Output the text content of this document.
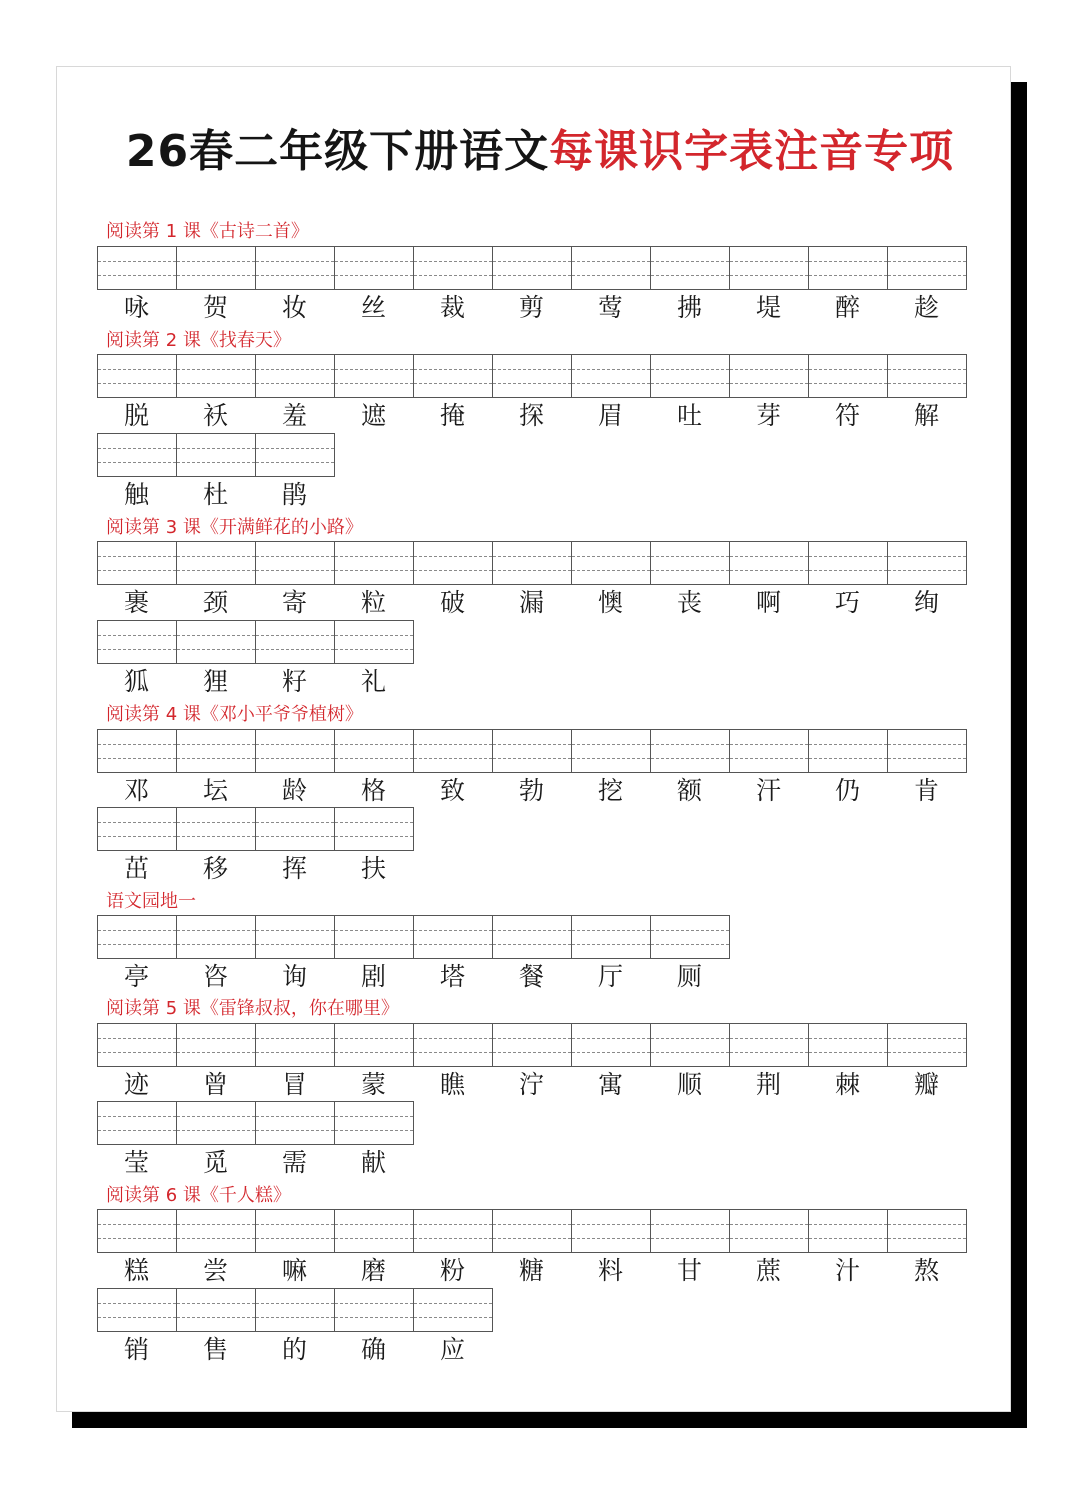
26春二年级下册语文每课识字表注音专项
阅读第 1 课《古诗二首》
咏	贺	妆	丝	裁	剪	莺	拂	堤	醉	趁
阅读第 2 课《找春天》
脱	袄	羞	遮	掩	探	眉	吐	芽	符	解
触	杜	鹃
阅读第 3 课《开满鲜花的小路》
裹	颈	寄	粒	破	漏	懊	丧	啊	巧	绚
狐	狸	籽	礼
阅读第 4 课《邓小平爷爷植树》
邓	坛	龄	格	致	勃	挖	额	汗	仍	肯
茁	移	挥	扶
语文园地一
亭	咨	询	剧	塔	餐	厅	厕
阅读第 5 课《雷锋叔叔，你在哪里》
迹	曾	冒	蒙	瞧	泞	寓	顺	荆	棘	瓣
莹	觅	需	献
阅读第 6 课《千人糕》
糕	尝	嘛	磨	粉	糖	料	甘	蔗	汁	熬
销	售	的	确	应
